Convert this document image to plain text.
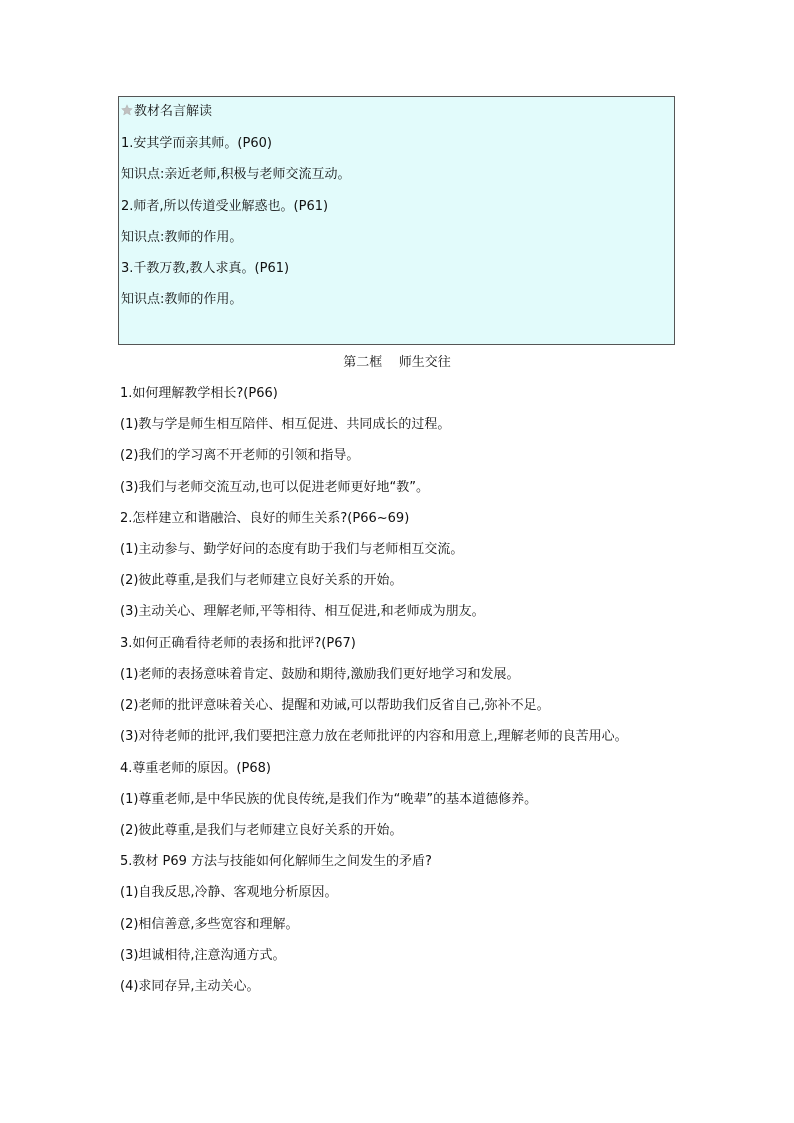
教材名言解读
1.安其学而亲其师。(P60)
知识点:亲近老师,积极与老师交流互动。
2.师者,所以传道受业解惑也。(P61)
知识点:教师的作用。
3.千教万教,教人求真。(P61)
知识点:教师的作用。
第二框    师生交往
1.如何理解教学相长?(P66)
(1)教与学是师生相互陪伴、相互促进、共同成长的过程。
(2)我们的学习离不开老师的引领和指导。
(3)我们与老师交流互动,也可以促进老师更好地“教”。
2.怎样建立和谐融洽、良好的师生关系?(P66~69)
(1)主动参与、勤学好问的态度有助于我们与老师相互交流。
(2)彼此尊重,是我们与老师建立良好关系的开始。
(3)主动关心、理解老师,平等相待、相互促进,和老师成为朋友。
3.如何正确看待老师的表扬和批评?(P67)
(1)老师的表扬意味着肯定、鼓励和期待,激励我们更好地学习和发展。
(2)老师的批评意味着关心、提醒和劝诫,可以帮助我们反省自己,弥补不足。
(3)对待老师的批评,我们要把注意力放在老师批评的内容和用意上,理解老师的良苦用心。
4.尊重老师的原因。(P68)
(1)尊重老师,是中华民族的优良传统,是我们作为“晚辈”的基本道德修养。
(2)彼此尊重,是我们与老师建立良好关系的开始。
5.教材 P69 方法与技能如何化解师生之间发生的矛盾?
(1)自我反思,冷静、客观地分析原因。
(2)相信善意,多些宽容和理解。
(3)坦诚相待,注意沟通方式。
(4)求同存异,主动关心。
